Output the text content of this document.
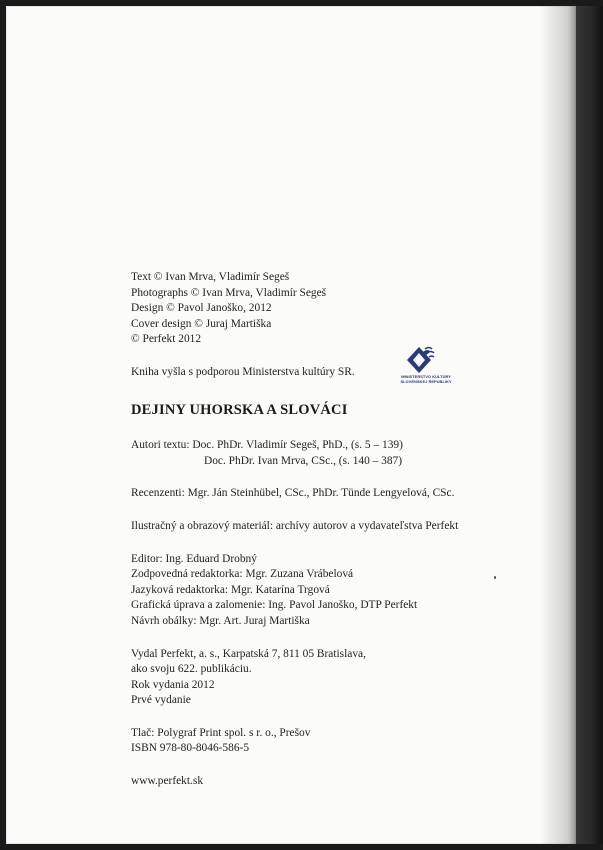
Text © Ivan Mrva, Vladimír Segeš
Photographs © Ivan Mrva, Vladimír Segeš
Design © Pavol Janoško, 2012
Cover design © Juraj Martiška
© Perfekt 2012
Kniha vyšla s podporou Ministerstva kultúry SR.
DEJINY UHORSKA A SLOVÁCI
Autori textu: Doc. PhDr. Vladimír Segeš, PhD., (s. 5 – 139)
Doc. PhDr. Ivan Mrva, CSc., (s. 140 – 387)
Recenzenti: Mgr. Ján Steinhübel, CSc., PhDr. Tünde Lengyelová, CSc.
Ilustračný a obrazový materiál: archívy autorov a vydavateľstva Perfekt
Editor: Ing. Eduard Drobný
Zodpovedná redaktorka: Mgr. Zuzana Vrábelová
Jazyková redaktorka: Mgr. Katarína Trgová
Grafická úprava a zalomenie: Ing. Pavol Janoško, DTP Perfekt
Návrh obálky: Mgr. Art. Juraj Martiška
Vydal Perfekt, a. s., Karpatská 7, 811 05 Bratislava,
ako svoju 622. publikáciu.
Rok vydania 2012
Prvé vydanie
Tlač: Polygraf Print spol. s r. o., Prešov
ISBN 978-80-8046-586-5
www.perfekt.sk
MINISTERSTVO KULTÚRY
SLOVENSKEJ REPUBLIKY
